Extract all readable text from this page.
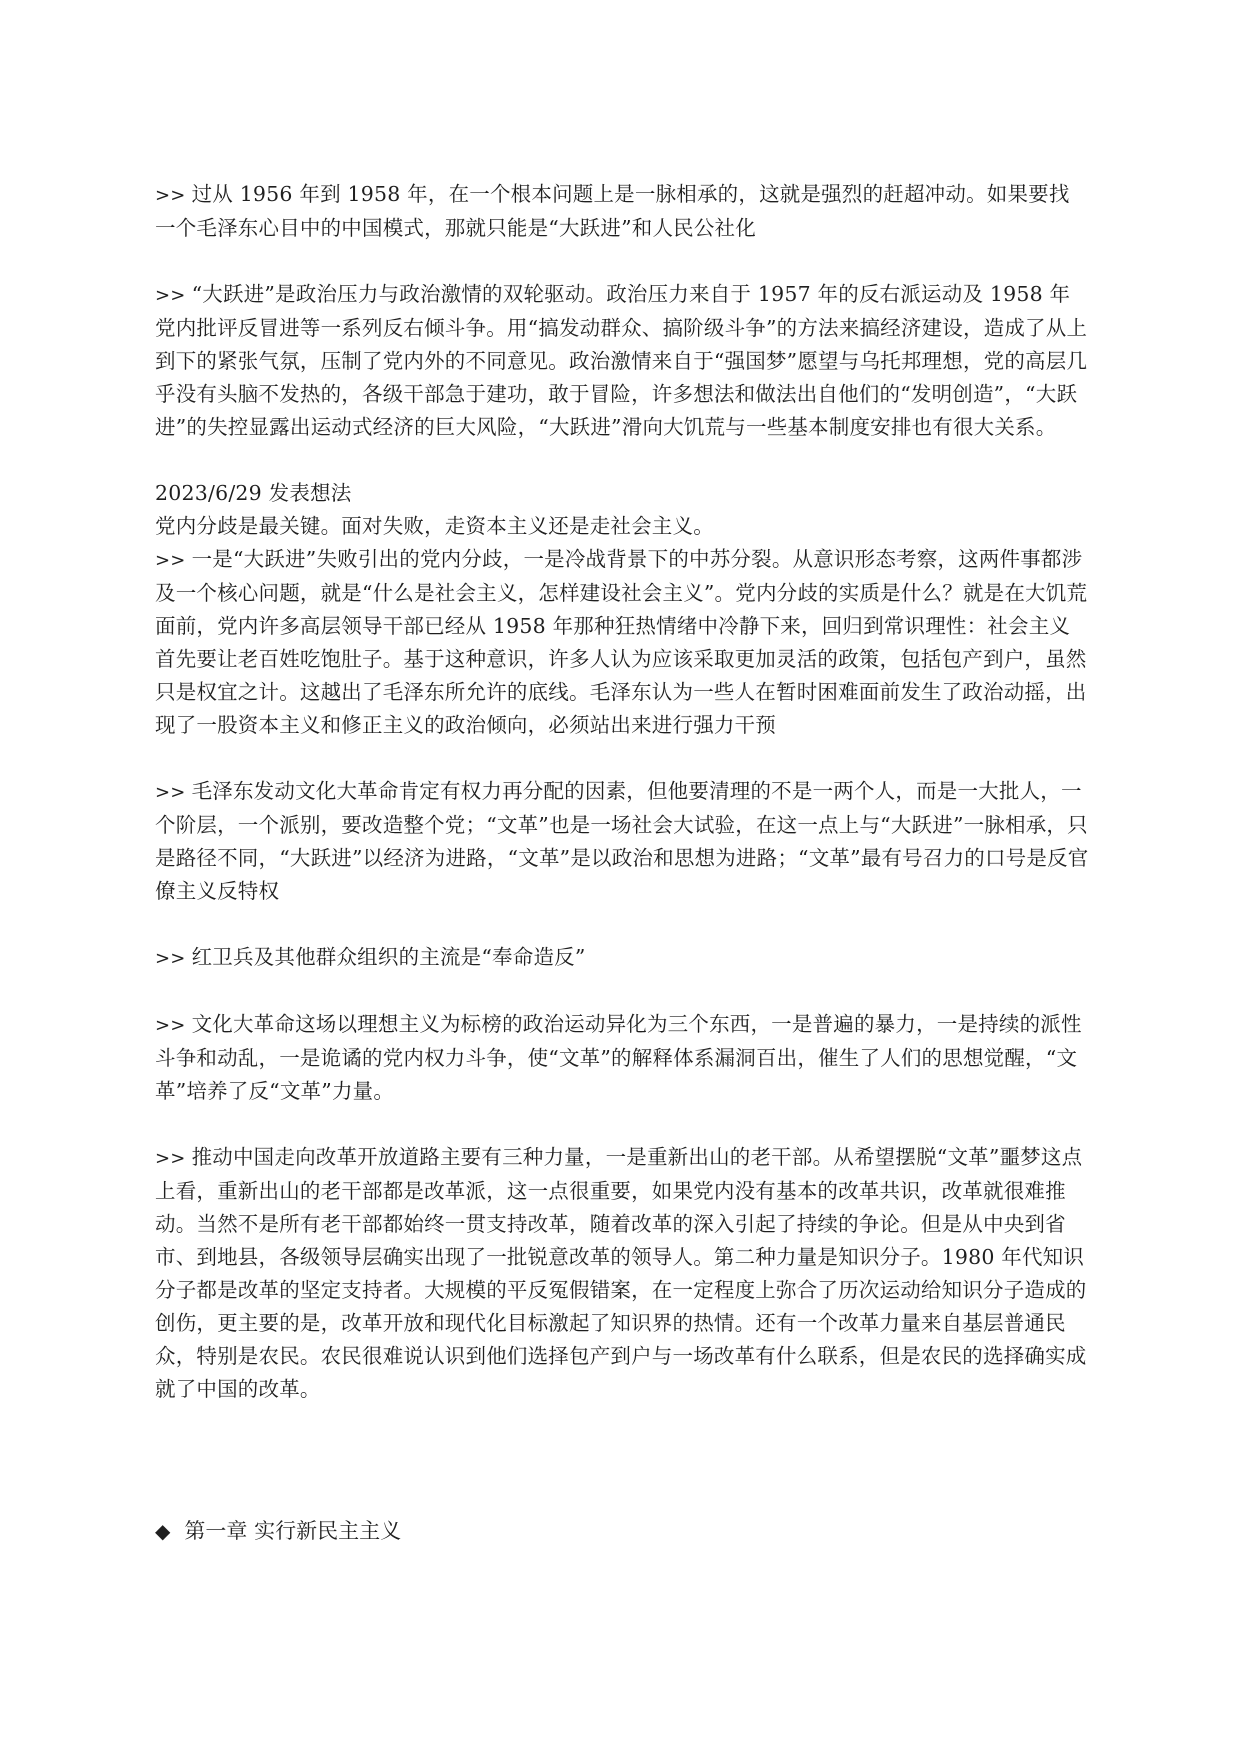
>> 过从 1956 年到 1958 年，在一个根本问题上是一脉相承的，这就是强烈的赶超冲动。如果要找一个毛泽东心目中的中国模式，那就只能是“大跃进”和人民公社化

>> “大跃进”是政治压力与政治激情的双轮驱动。政治压力来自于 1957 年的反右派运动及 1958 年党内批评反冒进等一系列反右倾斗争。用“搞发动群众、搞阶级斗争”的方法来搞经济建设，造成了从上到下的紧张气氛，压制了党内外的不同意见。政治激情来自于“强国梦”愿望与乌托邦理想，党的高层几乎没有头脑不发热的，各级干部急于建功，敢于冒险，许多想法和做法出自他们的“发明创造”，“大跃进”的失控显露出运动式经济的巨大风险，“大跃进”滑向大饥荒与一些基本制度安排也有很大关系。

2023/6/29 发表想法

党内分歧是最关键。面对失败，走资本主义还是走社会主义。

>> 一是“大跃进”失败引出的党内分歧，一是冷战背景下的中苏分裂。从意识形态考察，这两件事都涉及一个核心问题，就是“什么是社会主义，怎样建设社会主义”。党内分歧的实质是什么？就是在大饥荒面前，党内许多高层领导干部已经从 1958 年那种狂热情绪中冷静下来，回归到常识理性：社会主义首先要让老百姓吃饱肚子。基于这种意识，许多人认为应该采取更加灵活的政策，包括包产到户，虽然只是权宜之计。这越出了毛泽东所允许的底线。毛泽东认为一些人在暂时困难面前发生了政治动摇，出现了一股资本主义和修正主义的政治倾向，必须站出来进行强力干预

>> 毛泽东发动文化大革命肯定有权力再分配的因素，但他要清理的不是一两个人，而是一大批人，一个阶层，一个派别，要改造整个党；“文革”也是一场社会大试验，在这一点上与“大跃进”一脉相承，只是路径不同，“大跃进”以经济为进路，“文革”是以政治和思想为进路；“文革”最有号召力的口号是反官僚主义反特权

>> 红卫兵及其他群众组织的主流是“奉命造反”

>> 文化大革命这场以理想主义为标榜的政治运动异化为三个东西，一是普遍的暴力，一是持续的派性斗争和动乱，一是诡谲的党内权力斗争，使“文革”的解释体系漏洞百出，催生了人们的思想觉醒，“文革”培养了反“文革”力量。

>> 推动中国走向改革开放道路主要有三种力量，一是重新出山的老干部。从希望摆脱“文革”噩梦这点上看，重新出山的老干部都是改革派，这一点很重要，如果党内没有基本的改革共识，改革就很难推动。当然不是所有老干部都始终一贯支持改革，随着改革的深入引起了持续的争论。但是从中央到省市、到地县，各级领导层确实出现了一批锐意改革的领导人。第二种力量是知识分子。1980 年代知识分子都是改革的坚定支持者。大规模的平反冤假错案，在一定程度上弥合了历次运动给知识分子造成的创伤，更主要的是，改革开放和现代化目标激起了知识界的热情。还有一个改革力量来自基层普通民众，特别是农民。农民很难说认识到他们选择包产到户与一场改革有什么联系，但是农民的选择确实成就了中国的改革。

◆ 第一章 实行新民主主义
